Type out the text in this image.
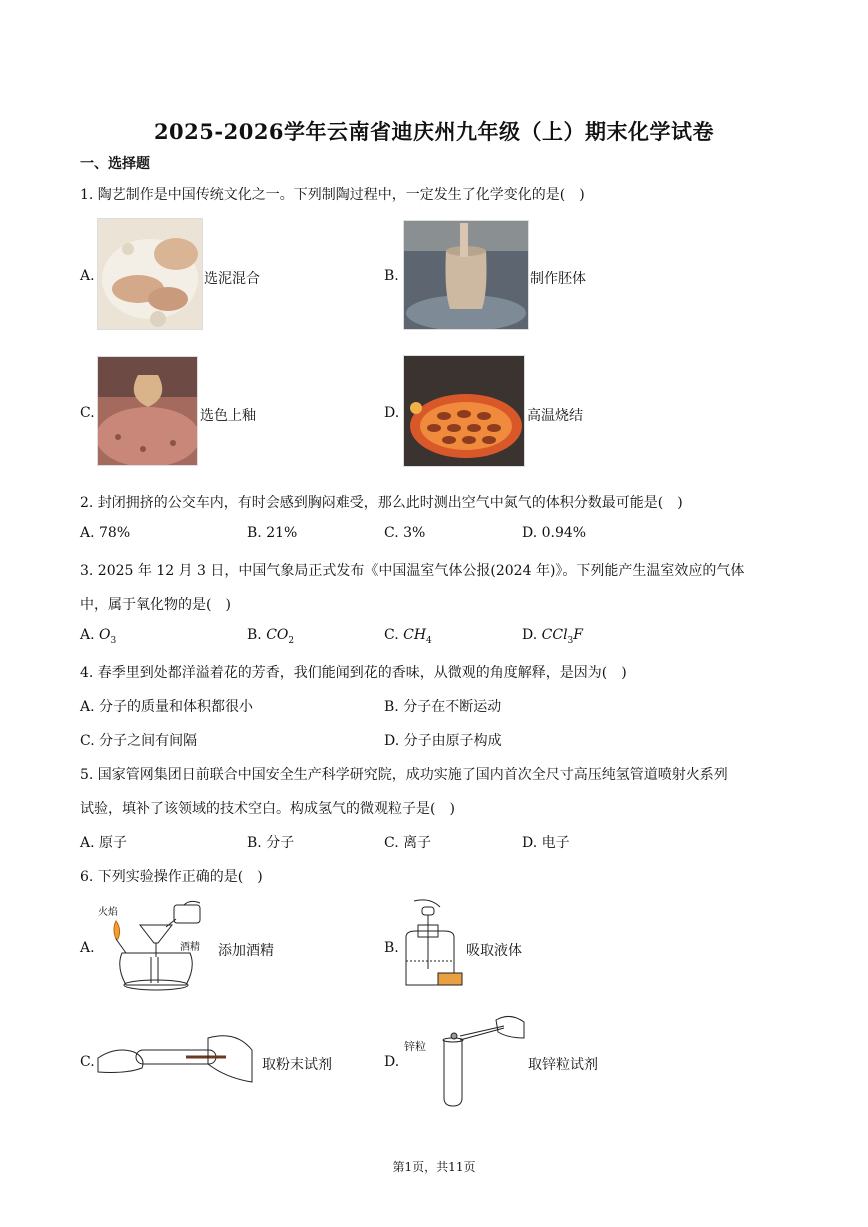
2025-2026学年云南省迪庆州九年级（上）期末化学试卷
一、选择题
1. 陶艺制作是中国传统文化之一。下列制陶过程中，一定发生了化学变化的是(　)
A.	选泥混合	B.	制作胚体
C.	选色上釉	D.	高温烧结
2. 封闭拥挤的公交车内，有时会感到胸闷难受，那么此时测出空气中氮气的体积分数最可能是(　)
A. 78%	B. 21%	C. 3%	D. 0.94%
3. 2025 年 12 月 3 日，中国气象局正式发布《中国温室气体公报(2024 年)》。下列能产生温室效应的气体
中，属于氧化物的是(　)
A. $O_3$	B. $CO_2$	C. $CH_4$	D. CCl$_3$F
4. 春季里到处都洋溢着花的芳香，我们能闻到花的香味，从微观的角度解释，是因为(　)
A. 分子的质量和体积都很小	B. 分子在不断运动
C. 分子之间有间隔	D. 分子由原子构成
5. 国家管网集团日前联合中国安全生产科学研究院，成功实施了国内首次全尺寸高压纯氢管道喷射火系列
试验，填补了该领域的技术空白。构成氢气的微观粒子是(　)
A. 原子	B. 分子	C. 离子	D. 电子
6. 下列实验操作正确的是(　)
A.
火焰
酒精 添加酒精	B.	吸取液体
C.	取粉末试剂	D.
锌粒
取锌粒试剂
第1页，共11页
